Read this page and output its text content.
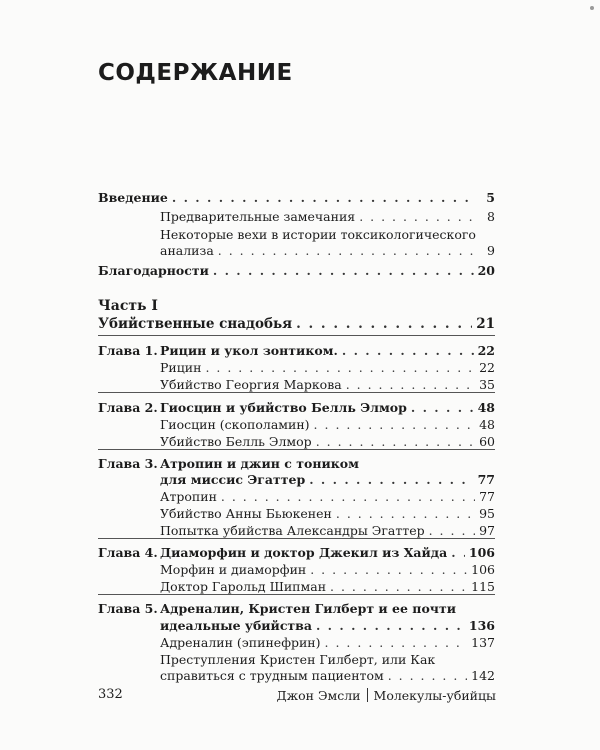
СОДЕРЖАНИЕ
Введение . . .	5
Предварительные замечания . . .	8
Некоторые вехи в истории токсикологического
анализа . . .	9
Благодарности . . .	20
Часть I
Убийственные снадобья . . .	21
Глава 1. Рицин и укол зонтиком. . . .	22
Рицин . . .	22
Убийство Георгия Маркова . . .	35
Глава 2. Гиосцин и убийство Белль Элмор . . .	48
Гиосцин (скополамин) . . .	48
Убийство Белль Элмор . . .	60
Глава 3. Атропин и джин с тоником
для миссис Эгаттер . . .	77
Атропин . . .	77
Убийство Анны Бьюкенен . . .	95
Попытка убийства Александры Эгаттер . . .	97
Глава 4. Диаморфин и доктор Джекил из Хайда . . . 106
Морфин и диаморфин . . .	106
Доктор Гарольд Шипман . . .	115
Глава 5. Адреналин, Кристен Гилберт и ее почти
идеальные убийства . . .	136
Адреналин (эпинефрин) . . .	137
Преступления Кристен Гилберт, или Как
справиться с трудным пациентом . . .	142
332	Джон Эмсли Молекулы-убийцы
